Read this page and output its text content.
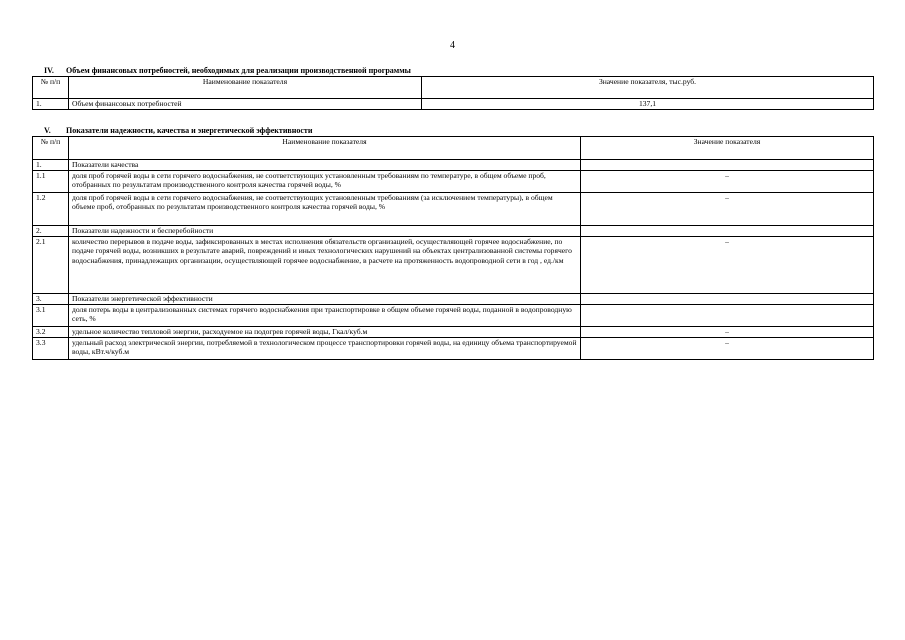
4
IV. Объем финансовых потребностей, необходимых для реализации производственной программы
№ п/п	Наименование показателя	Значение показателя, тыс.руб.
1.	Объем финансовых потребностей	137,1
V. Показатели надежности, качества и энергетической эффективности
№ п/п	Наименование показателя	Значение показателя
1.	Показатели качества	
1.1	доля проб горячей воды в сети горячего водоснабжения, не соответствующих установленным требованиям по температуре, в общем объеме проб, отобранных по результатам производственного контроля качества горячей воды, %	–
1.2	доля проб горячей воды в сети горячего водоснабжения, не соответствующих установленным требованиям (за исключением температуры), в общем объеме проб, отобранных по результатам производственного контроля качества горячей воды, %	–
2.	Показатели надежности и бесперебойности	
2.1	количество перерывов в подаче воды, зафиксированных в местах исполнения обязательств организацией, осуществляющей горячее водоснабжение, по подаче горячей воды, возникших в результате аварий, повреждений и иных технологических нарушений на объектах централизованной системы горячего водоснабжения, принадлежащих организации, осуществляющей горячее водоснабжение, в расчете на протяженность водопроводной сети в год , ед./км	–
3.	Показатели энергетической эффективности	
3.1	доля потерь воды в централизованных системах горячего водоснабжения при транспортировке в общем объеме горячей воды, поданной в водопроводную сеть, %	
3.2	удельное количество тепловой энергии, расходуемое на подогрев горячей воды, Гкал/куб.м	–
3.3	удельный расход электрической энергии, потребляемой в технологическом процессе транспортировки горячей воды, на единицу объема транспортируемой воды, кВт.ч/куб.м	–
